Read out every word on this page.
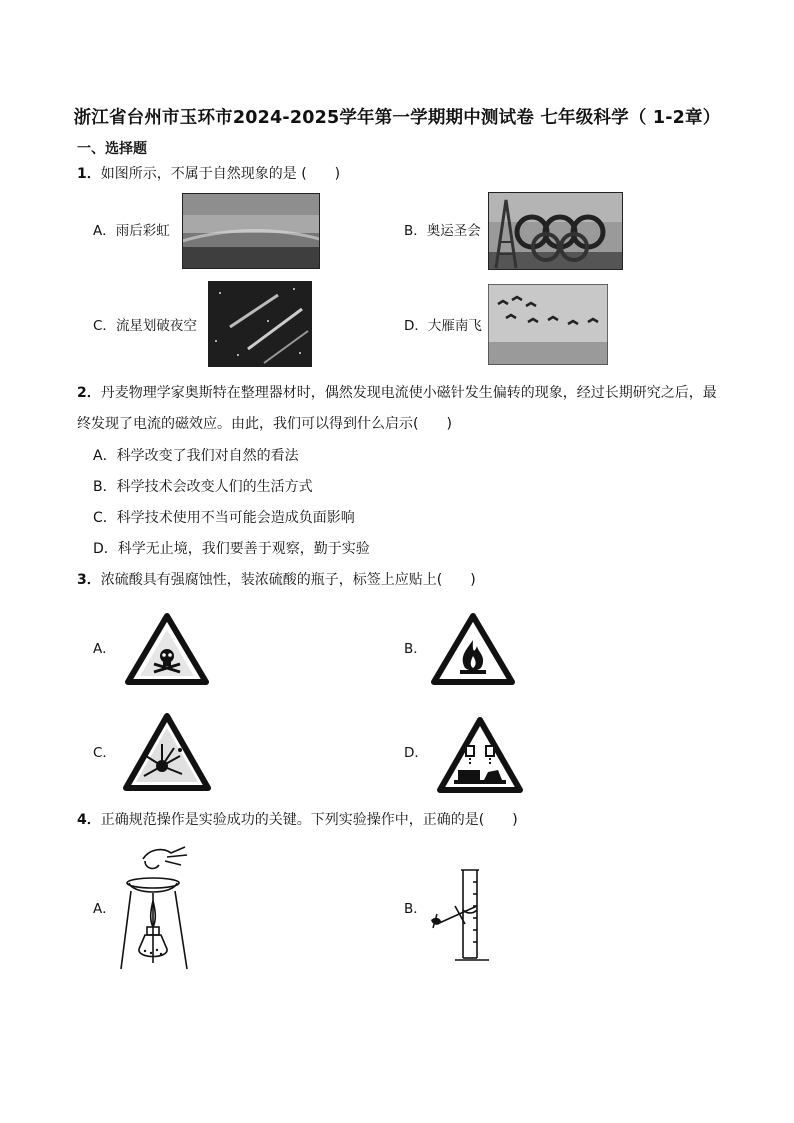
浙江省台州市玉环市2024-2025学年第一学期期中测试卷 七年级科学（ 1-2章）
一、选择题
1．如图所示，不属于自然现象的是 (　　)
A．雨后彩虹	B．奥运圣会
C．流星划破夜空	D．大雁南飞
2．丹麦物理学家奥斯特在整理器材时，偶然发现电流使小磁针发生偏转的现象，经过长期研究之后，最终发现了电流的磁效应。由此，我们可以得到什么启示(　　)
A．科学改变了我们对自然的看法
B．科学技术会改变人们的生活方式
C．科学技术使用不当可能会造成负面影响
D．科学无止境，我们要善于观察，勤于实验
3．浓硫酸具有强腐蚀性，装浓硫酸的瓶子，标签上应贴上(　　)
A．	B．
C．	D．
4．正确规范操作是实验成功的关键。下列实验操作中，正确的是(　　)
A．	B．
